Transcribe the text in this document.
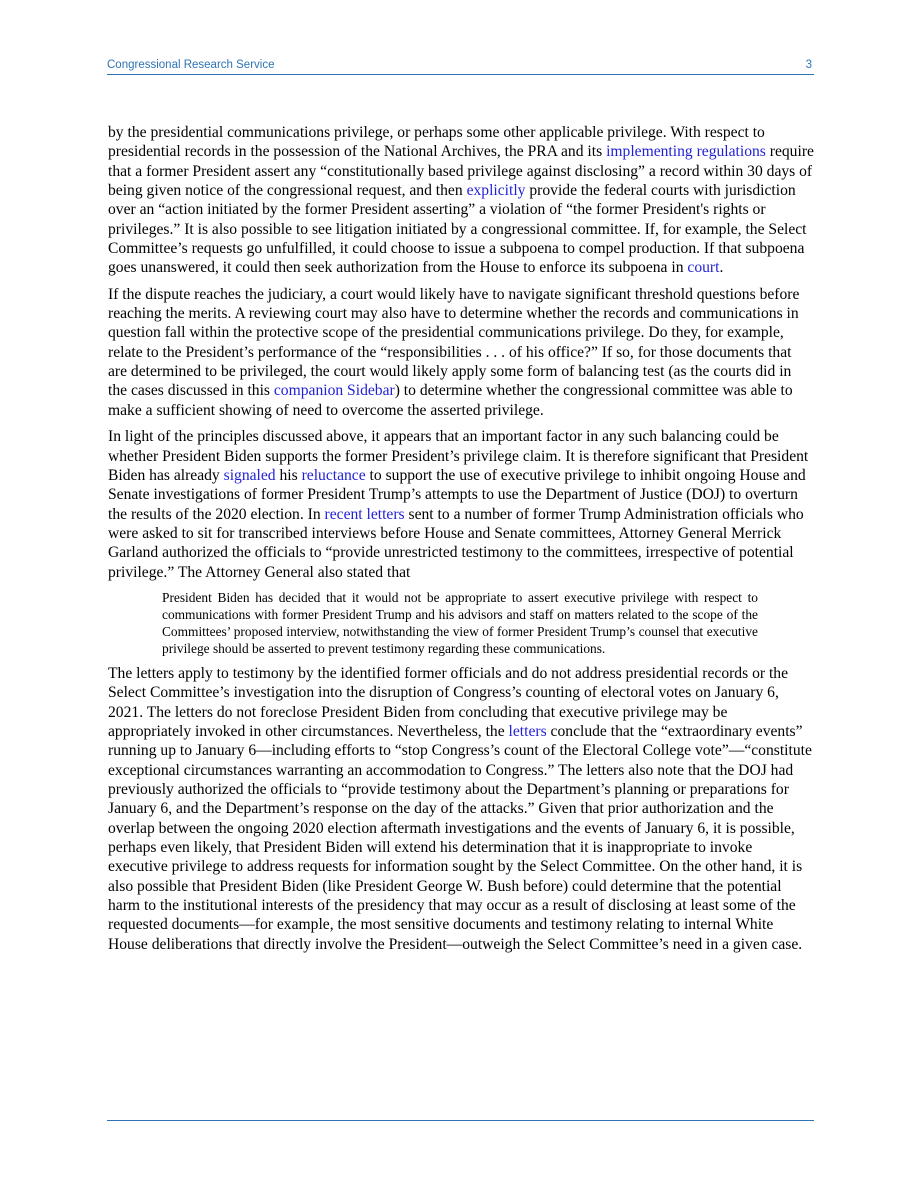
Congressional Research Service	3

by the presidential communications privilege, or perhaps some other applicable privilege. With respect to presidential records in the possession of the National Archives, the PRA and its implementing regulations require that a former President assert any “constitutionally based privilege against disclosing” a record within 30 days of being given notice of the congressional request, and then explicitly provide the federal courts with jurisdiction over an “action initiated by the former President asserting” a violation of “the former President's rights or privileges.” It is also possible to see litigation initiated by a congressional committee. If, for example, the Select Committee’s requests go unfulfilled, it could choose to issue a subpoena to compel production. If that subpoena goes unanswered, it could then seek authorization from the House to enforce its subpoena in court.

If the dispute reaches the judiciary, a court would likely have to navigate significant threshold questions before reaching the merits. A reviewing court may also have to determine whether the records and communications in question fall within the protective scope of the presidential communications privilege. Do they, for example, relate to the President’s performance of the “responsibilities . . . of his office?” If so, for those documents that are determined to be privileged, the court would likely apply some form of balancing test (as the courts did in the cases discussed in this companion Sidebar) to determine whether the congressional committee was able to make a sufficient showing of need to overcome the asserted privilege.

In light of the principles discussed above, it appears that an important factor in any such balancing could be whether President Biden supports the former President’s privilege claim. It is therefore significant that President Biden has already signaled his reluctance to support the use of executive privilege to inhibit ongoing House and Senate investigations of former President Trump’s attempts to use the Department of Justice (DOJ) to overturn the results of the 2020 election. In recent letters sent to a number of former Trump Administration officials who were asked to sit for transcribed interviews before House and Senate committees, Attorney General Merrick Garland authorized the officials to “provide unrestricted testimony to the committees, irrespective of potential privilege.” The Attorney General also stated that

President Biden has decided that it would not be appropriate to assert executive privilege with respect to communications with former President Trump and his advisors and staff on matters related to the scope of the Committees’ proposed interview, notwithstanding the view of former President Trump’s counsel that executive privilege should be asserted to prevent testimony regarding these communications.

The letters apply to testimony by the identified former officials and do not address presidential records or the Select Committee’s investigation into the disruption of Congress’s counting of electoral votes on January 6, 2021. The letters do not foreclose President Biden from concluding that executive privilege may be appropriately invoked in other circumstances. Nevertheless, the letters conclude that the “extraordinary events” running up to January 6—including efforts to “stop Congress’s count of the Electoral College vote”—“constitute exceptional circumstances warranting an accommodation to Congress.” The letters also note that the DOJ had previously authorized the officials to “provide testimony about the Department’s planning or preparations for January 6, and the Department’s response on the day of the attacks.” Given that prior authorization and the overlap between the ongoing 2020 election aftermath investigations and the events of January 6, it is possible, perhaps even likely, that President Biden will extend his determination that it is inappropriate to invoke executive privilege to address requests for information sought by the Select Committee. On the other hand, it is also possible that President Biden (like President George W. Bush before) could determine that the potential harm to the institutional interests of the presidency that may occur as a result of disclosing at least some of the requested documents—for example, the most sensitive documents and testimony relating to internal White House deliberations that directly involve the President—outweigh the Select Committee’s need in a given case.
